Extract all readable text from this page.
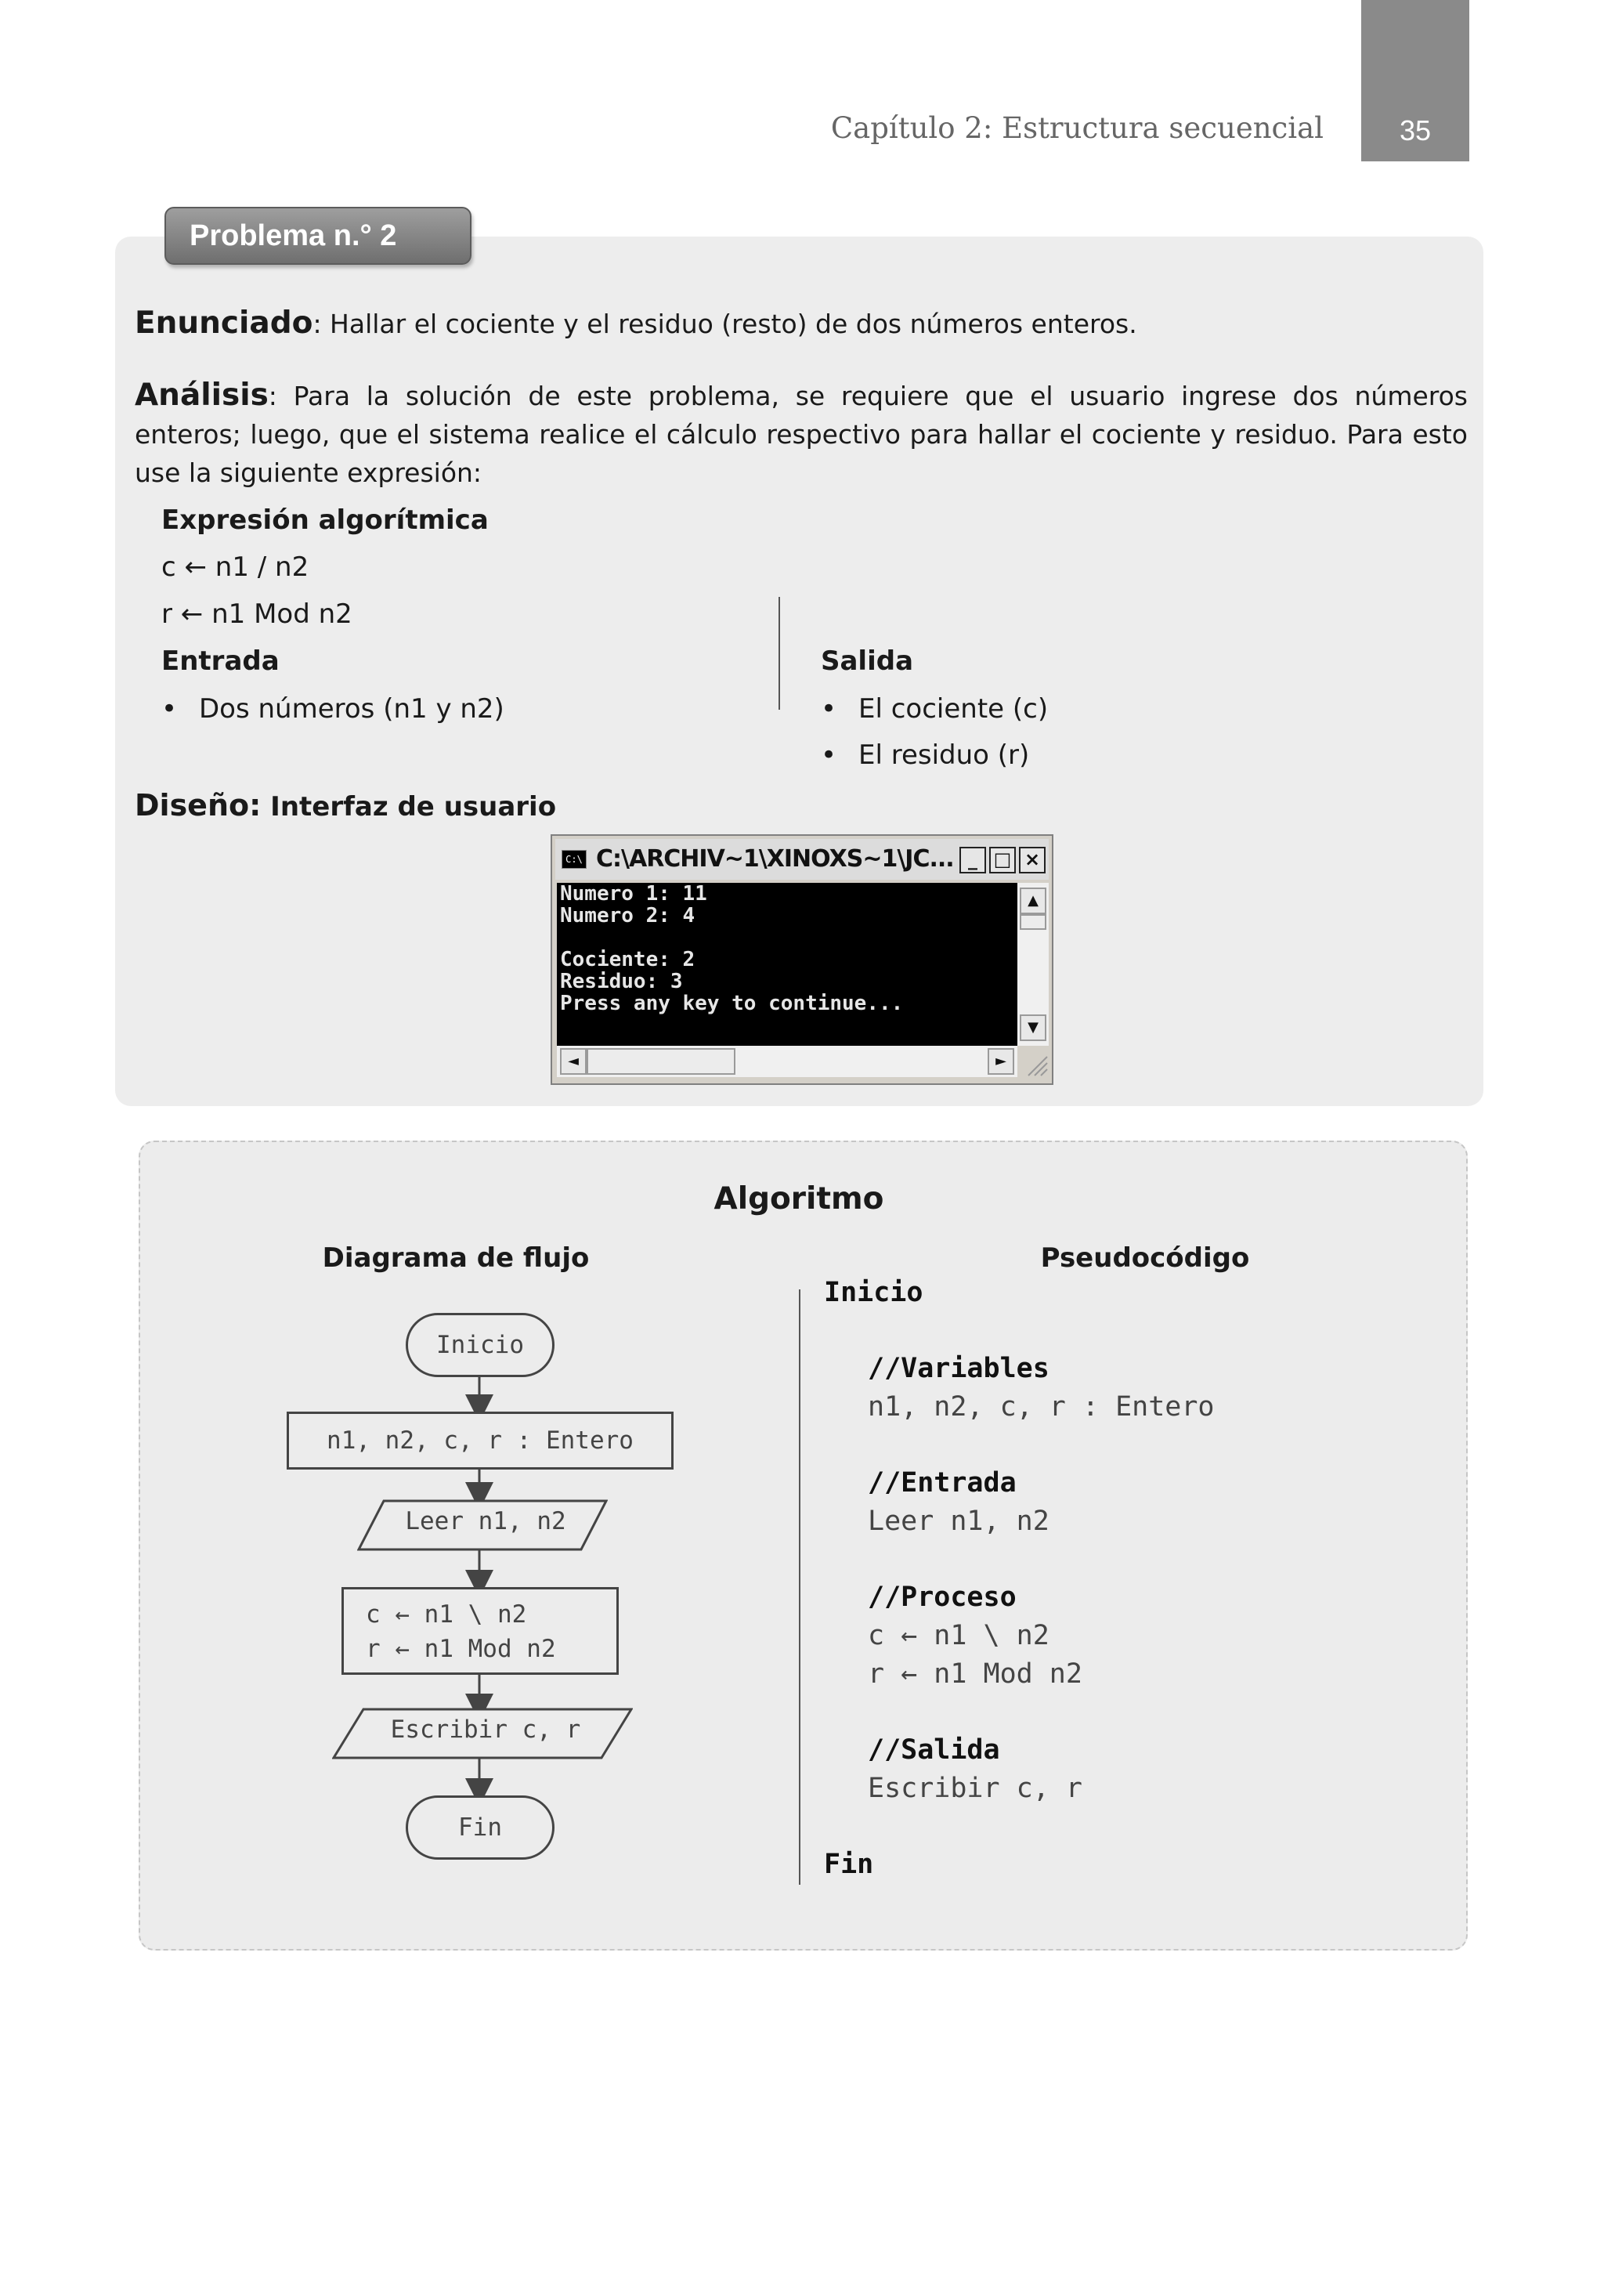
Capítulo 2: Estructura secuencial	35
Problema n.° 2
Enunciado: Hallar el cociente y el residuo (resto) de dos números enteros.
Análisis: Para la solución de este problema, se requiere que el usuario ingrese dos números enteros; luego, que el sistema realice el cálculo respectivo para hallar el cociente y residuo. Para esto use la siguiente expresión:
Expresión algorítmica
c ← n1 / n2
r ← n1 Mod n2
Entrada
• Dos números (n1 y n2)
Salida
• El cociente (c)
• El residuo (r)
Diseño: Interfaz de usuario
C:\ C:\ARCHIV~1\XINOXS~1\JC... _ □ ×
Numero 1: 11
Numero 2: 4
Cociente: 2
Residuo: 3
Press any key to continue...
▲
▼
◄	►
Algoritmo
Diagrama de flujo	Pseudocódigo
Inicio
n1, n2, c, r : Entero
Leer n1, n2
c ← n1 \ n2
r ← n1 Mod n2
Escribir c, r
Fin
Inicio
//Variables
n1, n2, c, r : Entero
//Entrada
Leer n1, n2
//Proceso
c ← n1 \ n2
r ← n1 Mod n2
//Salida
Escribir c, r
Fin
